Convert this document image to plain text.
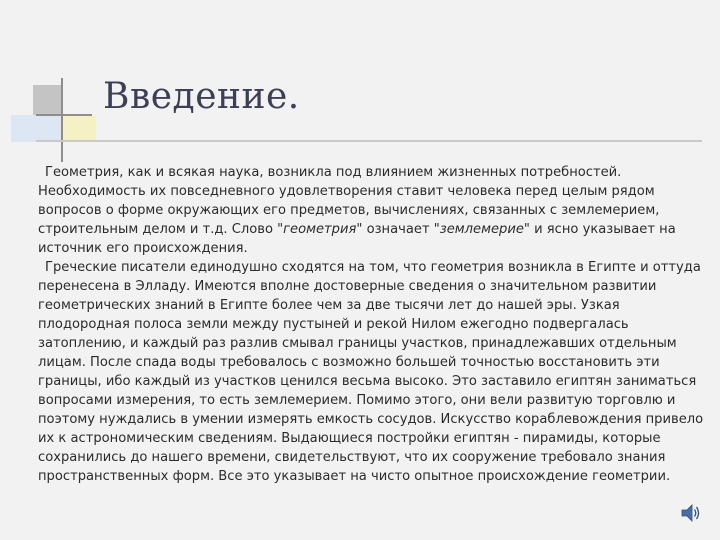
Введение.

Геометрия, как и всякая наука, возникла под влиянием жизненных потребностей. Необходимость их повседневного удовлетворения ставит человека перед целым рядом вопросов о форме окружающих его предметов, вычислениях, связанных с землемерием, строительным делом и т.д. Слово "геометрия" означает "землемерие" и ясно указывает на источник его происхождения.

Греческие писатели единодушно сходятся на том, что геометрия возникла в Египте и оттуда перенесена в Элладу. Имеются вполне достоверные сведения о значительном развитии геометрических знаний в Египте более чем за две тысячи лет до нашей эры. Узкая плодородная полоса земли между пустыней и рекой Нилом ежегодно подвергалась затоплению, и каждый раз разлив смывал границы участков, принадлежавших отдельным лицам. После спада воды требовалось с возможно большей точностью восстановить эти границы, ибо каждый из участков ценился весьма высоко. Это заставило египтян заниматься вопросами измерения, то есть землемерием. Помимо этого, они вели развитую торговлю и поэтому нуждались в умении измерять емкость сосудов. Искусство кораблевождения привело их к астрономическим сведениям. Выдающиеся постройки египтян - пирамиды, которые сохранились до нашего времени, свидетельствуют, что их сооружение требовало знания пространственных форм. Все это указывает на чисто опытное происхождение геометрии.
